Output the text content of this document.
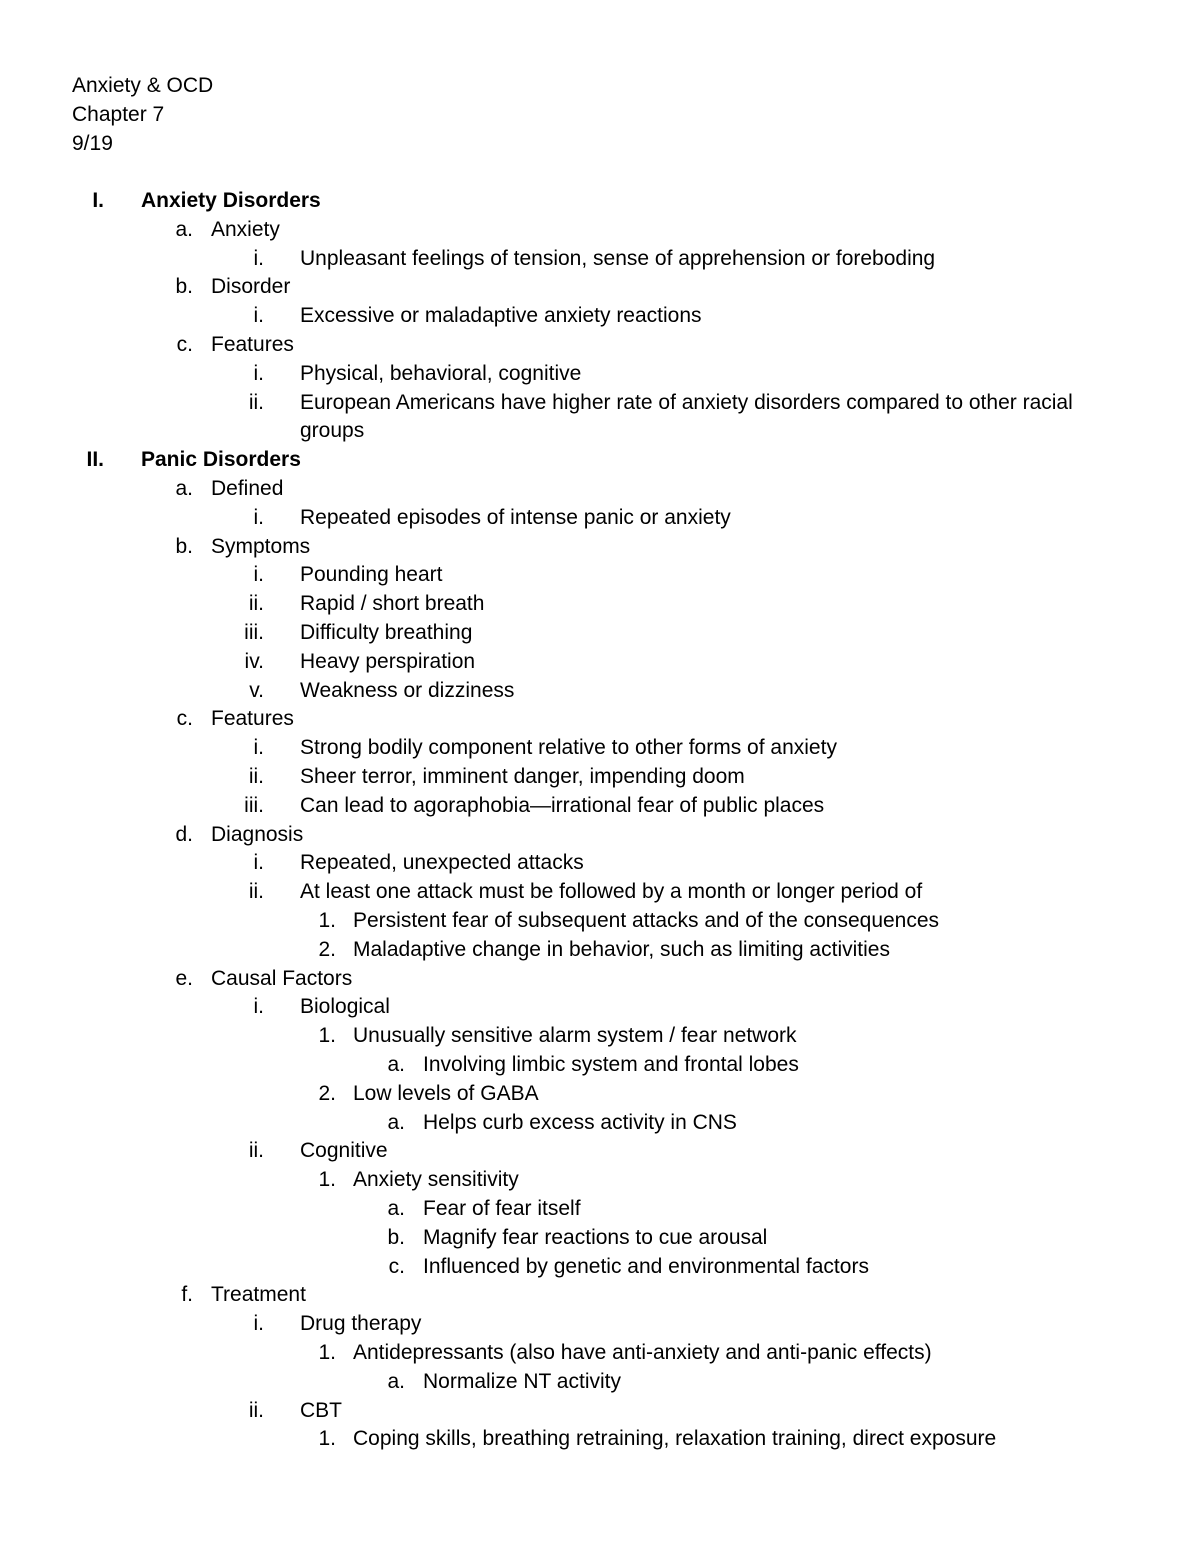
Anxiety & OCD
Chapter 7
9/19
I. Anxiety Disorders
a. Anxiety
i. Unpleasant feelings of tension, sense of apprehension or foreboding
b. Disorder
i. Excessive or maladaptive anxiety reactions
c. Features
i. Physical, behavioral, cognitive
ii. European Americans have higher rate of anxiety disorders compared to other racial
groups
II. Panic Disorders
a. Defined
i. Repeated episodes of intense panic or anxiety
b. Symptoms
i. Pounding heart
ii. Rapid / short breath
iii. Difficulty breathing
iv. Heavy perspiration
v. Weakness or dizziness
c. Features
i. Strong bodily component relative to other forms of anxiety
ii. Sheer terror, imminent danger, impending doom
iii. Can lead to agoraphobia—irrational fear of public places
d. Diagnosis
i. Repeated, unexpected attacks
ii. At least one attack must be followed by a month or longer period of
1. Persistent fear of subsequent attacks and of the consequences
2. Maladaptive change in behavior, such as limiting activities
e. Causal Factors
i. Biological
1. Unusually sensitive alarm system / fear network
a. Involving limbic system and frontal lobes
2. Low levels of GABA
a. Helps curb excess activity in CNS
ii. Cognitive
1. Anxiety sensitivity
a. Fear of fear itself
b. Magnify fear reactions to cue arousal
c. Influenced by genetic and environmental factors
f. Treatment
i. Drug therapy
1. Antidepressants (also have anti-anxiety and anti-panic effects)
a. Normalize NT activity
ii. CBT
1. Coping skills, breathing retraining, relaxation training, direct exposure
